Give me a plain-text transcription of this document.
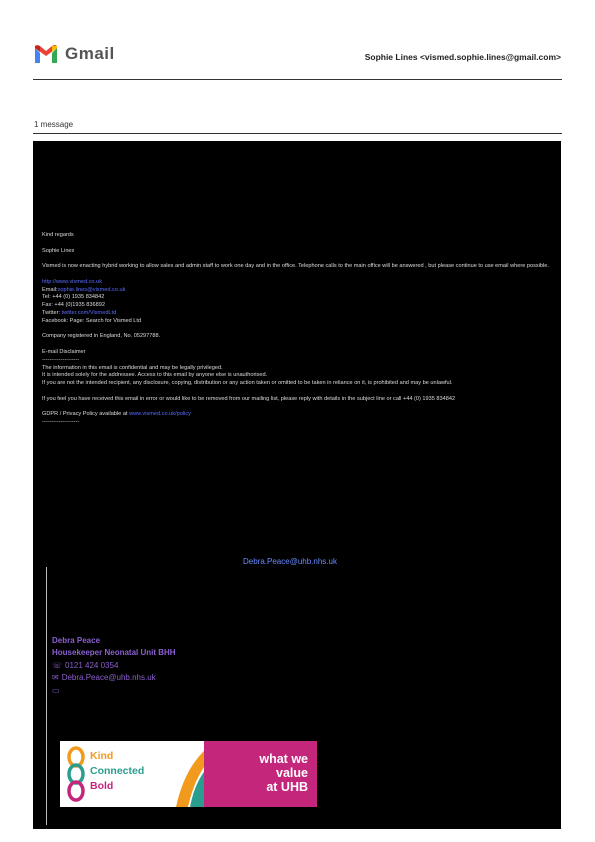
Gmail	Sophie Lines <vismed.sophie.lines@gmail.com>
1 message

Kind regards

Sophie Lines

Vismed is now enacting hybrid working to allow sales and admin staff to work one day and in the office. Telephone calls to the main office will be answered , but please continue to use email where possible.

http://www.vismed.co.uk

Email:sophie.lines@vismed.co.uk

Tel: +44 (0) 1935 834842

Fax: +44 (0)1935 836892

Twitter: twitter.com/VismedLtd

Facebook: Page: Search for Vismed Ltd

Company registered in England, No. 05297788.

E-mail Disclaimer

--------------------

The information in this email is confidential and may be legally privileged.

It is intended solely for the addressee. Access to this email by anyone else is unauthorised.

If you are not the intended recipient, any disclosure, copying, distribution or any action taken or omitted to be taken in reliance on it, is prohibited and may be unlawful.

If you feel you have received this email in error or would like to be removed from our mailing list, please reply with details in the subject line or call +44 (0) 1935 834842

GDPR / Privacy Policy available at www.vismed.co.uk/policy

--------------------

Debra.Peace@uhb.nhs.uk
Debra Peace
Housekeeper Neonatal Unit BHH
☏ 0121 424 0354
✉ Debra.Peace@uhb.nhs.uk
▭
Kind
Connected
Bold
what we
value
at UHB
